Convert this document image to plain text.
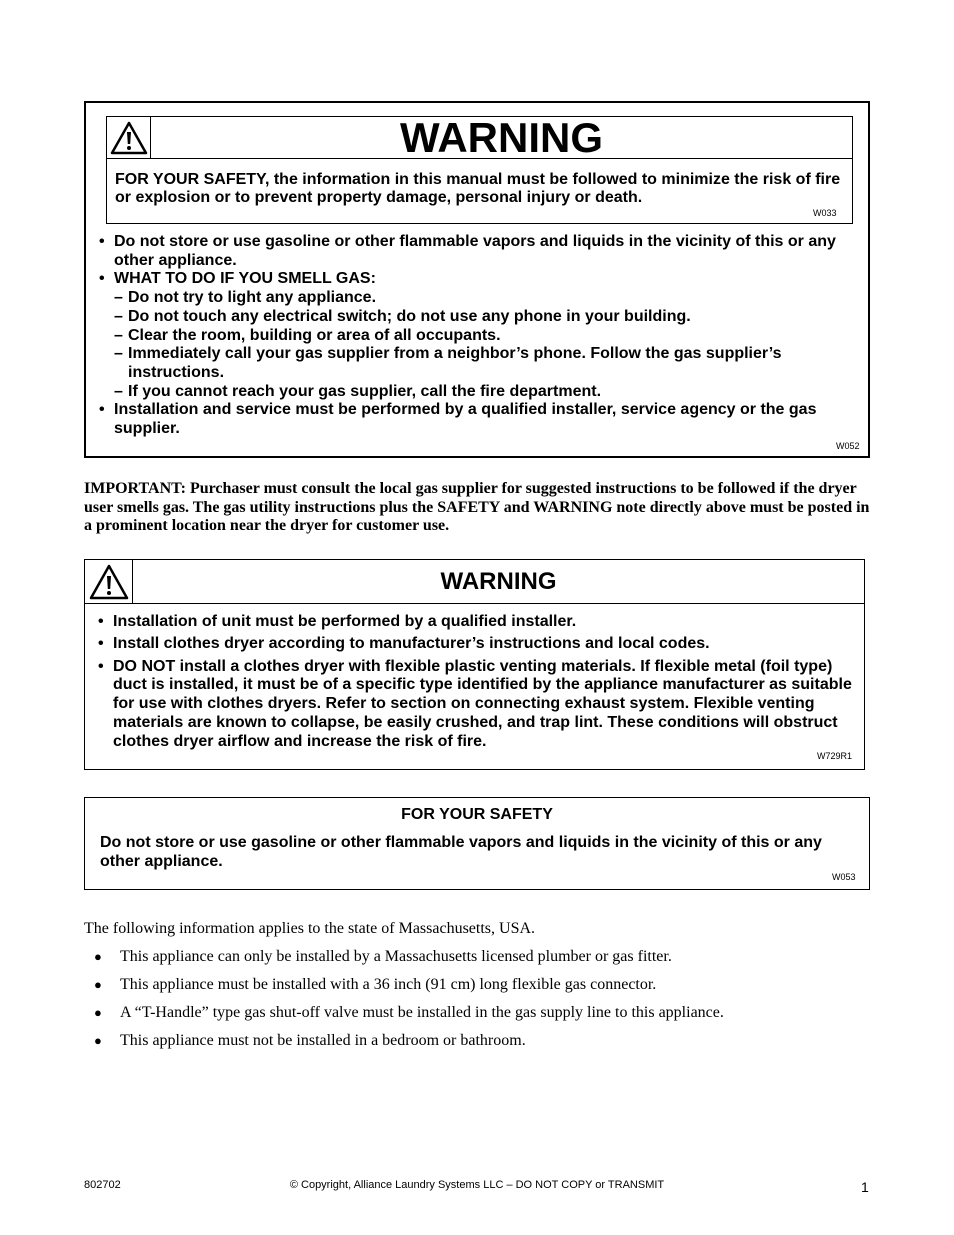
WARNING
FOR YOUR SAFETY, the information in this manual must be followed to minimize the risk of fire or explosion or to prevent property damage, personal injury or death.
W033

• Do not store or use gasoline or other flammable vapors and liquids in the vicinity of this or any other appliance.

• WHAT TO DO IF YOU SMELL GAS:

– Do not try to light any appliance.

– Do not touch any electrical switch; do not use any phone in your building.

– Clear the room, building or area of all occupants.

– Immediately call your gas supplier from a neighbor’s phone. Follow the gas supplier’s instructions.

– If you cannot reach your gas supplier, call the fire department.

• Installation and service must be performed by a qualified installer, service agency or the gas supplier.

W052
IMPORTANT: Purchaser must consult the local gas supplier for suggested instructions to be followed if the dryer user smells gas. The gas utility instructions plus the SAFETY and WARNING note directly above must be posted in a prominent location near the dryer for customer use.
WARNING

• Installation of unit must be performed by a qualified installer.

• Install clothes dryer according to manufacturer’s instructions and local codes.

• DO NOT install a clothes dryer with flexible plastic venting materials. If flexible metal (foil type) duct is installed, it must be of a specific type identified by the appliance manufacturer as suitable for use with clothes dryers. Refer to section on connecting exhaust system. Flexible venting materials are known to collapse, be easily crushed, and trap lint. These conditions will obstruct clothes dryer airflow and increase the risk of fire.

W729R1
FOR YOUR SAFETY
Do not store or use gasoline or other flammable vapors and liquids in the vicinity of this or any other appliance.
W053
The following information applies to the state of Massachusetts, USA.
● This appliance can only be installed by a Massachusetts licensed plumber or gas fitter.
● This appliance must be installed with a 36 inch (91 cm) long flexible gas connector.
● A “T-Handle” type gas shut-off valve must be installed in the gas supply line to this appliance.
● This appliance must not be installed in a bedroom or bathroom.
802702	© Copyright, Alliance Laundry Systems LLC – DO NOT COPY or TRANSMIT	1
